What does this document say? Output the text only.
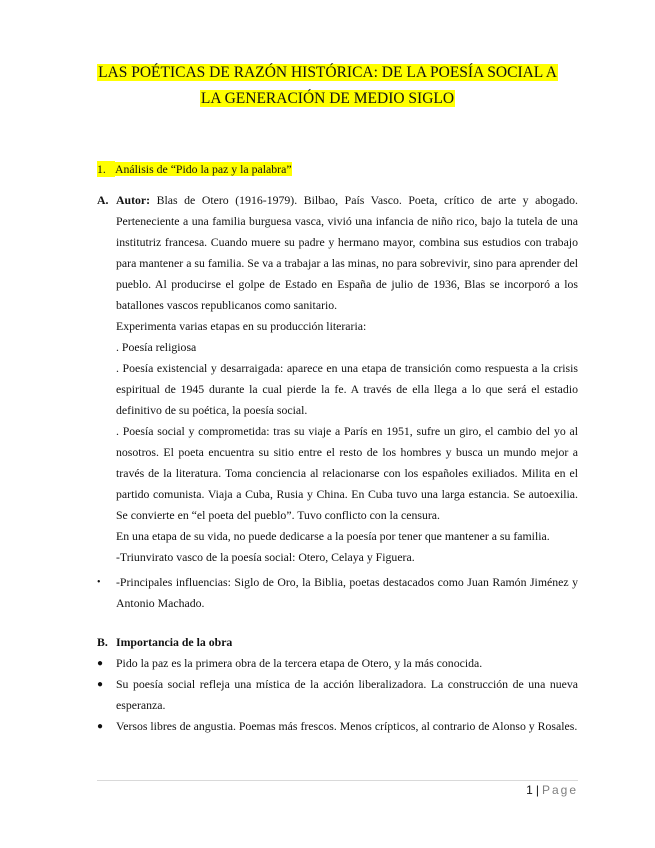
LAS POÉTICAS DE RAZÓN HISTÓRICA: DE LA POESÍA SOCIAL A
LA GENERACIÓN DE MEDIO SIGLO
1. Análisis de “Pido la paz y la palabra”
A. Autor: Blas de Otero (1916-1979). Bilbao, País Vasco. Poeta, crítico de arte y abogado. Perteneciente a una familia burguesa vasca, vivió una infancia de niño rico, bajo la tutela de una institutriz francesa. Cuando muere su padre y hermano mayor, combina sus estudios con trabajo para mantener a su familia. Se va a trabajar a las minas, no para sobrevivir, sino para aprender del pueblo. Al producirse el golpe de Estado en España de julio de 1936, Blas se incorporó a los batallones vascos republicanos como sanitario.

Experimenta varias etapas en su producción literaria:

. Poesía religiosa

. Poesía existencial y desarraigada: aparece en una etapa de transición como respuesta a la crisis espiritual de 1945 durante la cual pierde la fe. A través de ella llega a lo que será el estadio definitivo de su poética, la poesía social.

. Poesía social y comprometida: tras su viaje a París en 1951, sufre un giro, el cambio del yo al nosotros. El poeta encuentra su sitio entre el resto de los hombres y busca un mundo mejor a través de la literatura. Toma conciencia al relacionarse con los españoles exiliados. Milita en el partido comunista. Viaja a Cuba, Rusia y China. En Cuba tuvo una larga estancia. Se autoexilia. Se convierte en “el poeta del pueblo”. Tuvo conflicto con la censura.

En una etapa de su vida, no puede dedicarse a la poesía por tener que mantener a su familia.

-Triunvirato vasco de la poesía social: Otero, Celaya y Figuera.

•	-Principales influencias: Siglo de Oro, la Biblia, poetas destacados como Juan Ramón Jiménez y Antonio Machado.
B. Importancia de la obra
●	Pido la paz es la primera obra de la tercera etapa de Otero, y la más conocida.
●	Su poesía social refleja una mística de la acción liberalizadora. La construcción de una nueva esperanza.
●	Versos libres de angustia. Poemas más frescos. Menos crípticos, al contrario de Alonso y Rosales.
1 | Page
